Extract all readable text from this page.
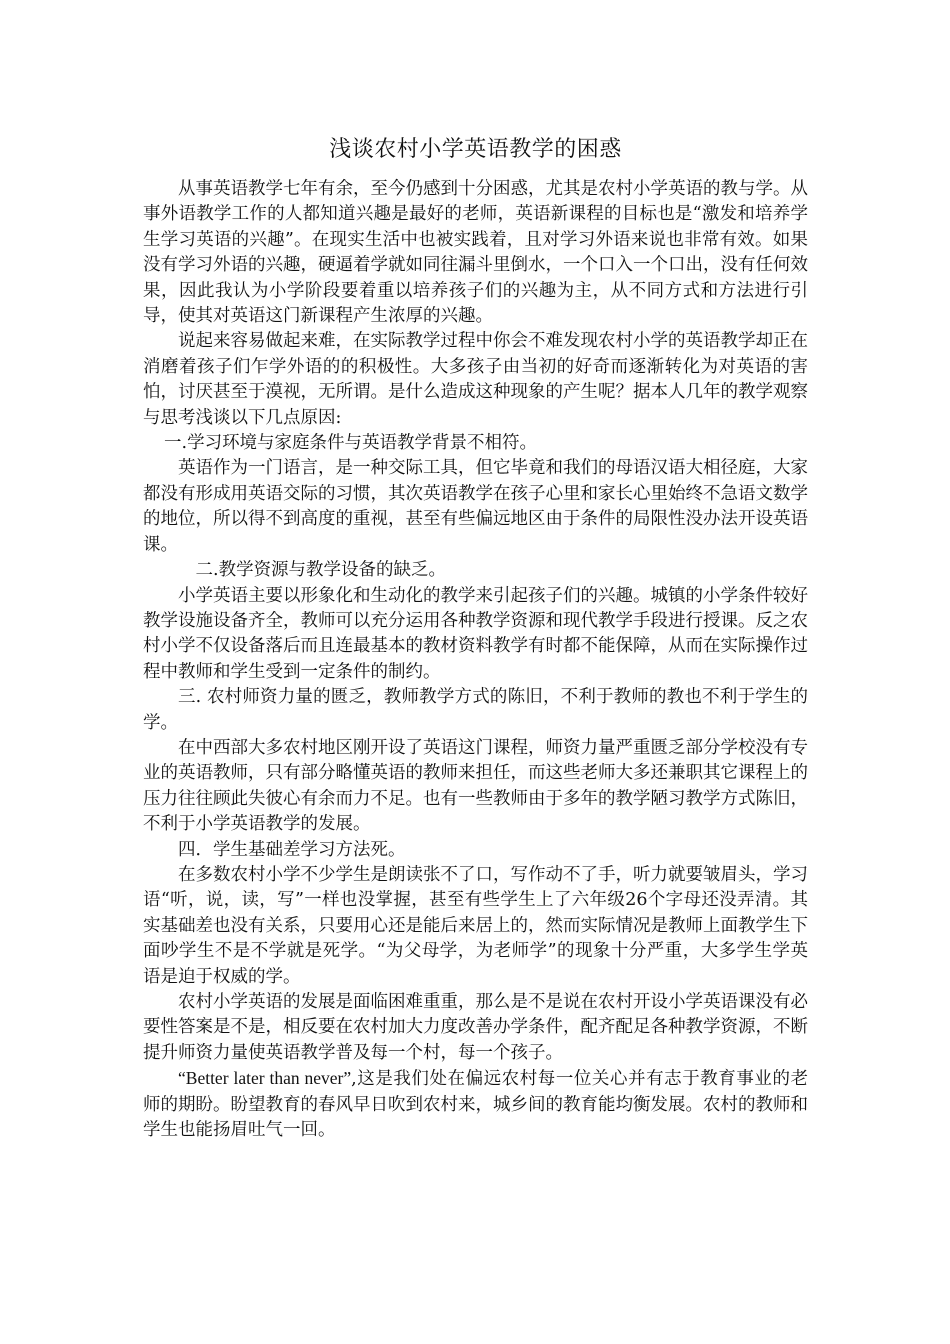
浅谈农村小学英语教学的困惑

从事英语教学七年有余，至今仍感到十分困惑，尤其是农村小学英语的教与学。从事外语教学工作的人都知道兴趣是最好的老师，英语新课程的目标也是“激发和培养学生学习英语的兴趣”。在现实生活中也被实践着，且对学习外语来说也非常有效。如果没有学习外语的兴趣，硬逼着学就如同往漏斗里倒水，一个口入一个口出，没有任何效果，因此我认为小学阶段要着重以培养孩子们的兴趣为主，从不同方式和方法进行引导，使其对英语这门新课程产生浓厚的兴趣。

说起来容易做起来难，在实际教学过程中你会不难发现农村小学的英语教学却正在消磨着孩子们乍学外语的的积极性。大多孩子由当初的好奇而逐渐转化为对英语的害怕，讨厌甚至于漠视，无所谓。是什么造成这种现象的产生呢？据本人几年的教学观察与思考浅谈以下几点原因:

一.学习环境与家庭条件与英语教学背景不相符。

英语作为一门语言，是一种交际工具，但它毕竟和我们的母语汉语大相径庭，大家都没有形成用英语交际的习惯，其次英语教学在孩子心里和家长心里始终不急语文数学的地位，所以得不到高度的重视，甚至有些偏远地区由于条件的局限性没办法开设英语课。

二.教学资源与教学设备的缺乏。

小学英语主要以形象化和生动化的教学来引起孩子们的兴趣。城镇的小学条件较好教学设施设备齐全，教师可以充分运用各种教学资源和现代教学手段进行授课。反之农村小学不仅设备落后而且连最基本的教材资料教学有时都不能保障，从而在实际操作过程中教师和学生受到一定条件的制约。

三. 农村师资力量的匮乏，教师教学方式的陈旧，不利于教师的教也不利于学生的学。

在中西部大多农村地区刚开设了英语这门课程，师资力量严重匮乏部分学校没有专业的英语教师，只有部分略懂英语的教师来担任，而这些老师大多还兼职其它课程上的压力往往顾此失彼心有余而力不足。也有一些教师由于多年的教学陋习教学方式陈旧，不利于小学英语教学的发展。

四．学生基础差学习方法死。

在多数农村小学不少学生是朗读张不了口，写作动不了手，听力就要皱眉头，学习语“听，说，读，写”一样也没掌握，甚至有些学生上了六年级26个字母还没弄清。其实基础差也没有关系，只要用心还是能后来居上的，然而实际情况是教师上面教学生下面吵学生不是不学就是死学。“为父母学，为老师学”的现象十分严重，大多学生学英语是迫于权威的学。

农村小学英语的发展是面临困难重重，那么是不是说在农村开设小学英语课没有必要性答案是不是，相反要在农村加大力度改善办学条件，配齐配足各种教学资源，不断提升师资力量使英语教学普及每一个村，每一个孩子。

“Better later than never”,这是我们处在偏远农村每一位关心并有志于教育事业的老师的期盼。盼望教育的春风早日吹到农村来，城乡间的教育能均衡发展。农村的教师和学生也能扬眉吐气一回。
